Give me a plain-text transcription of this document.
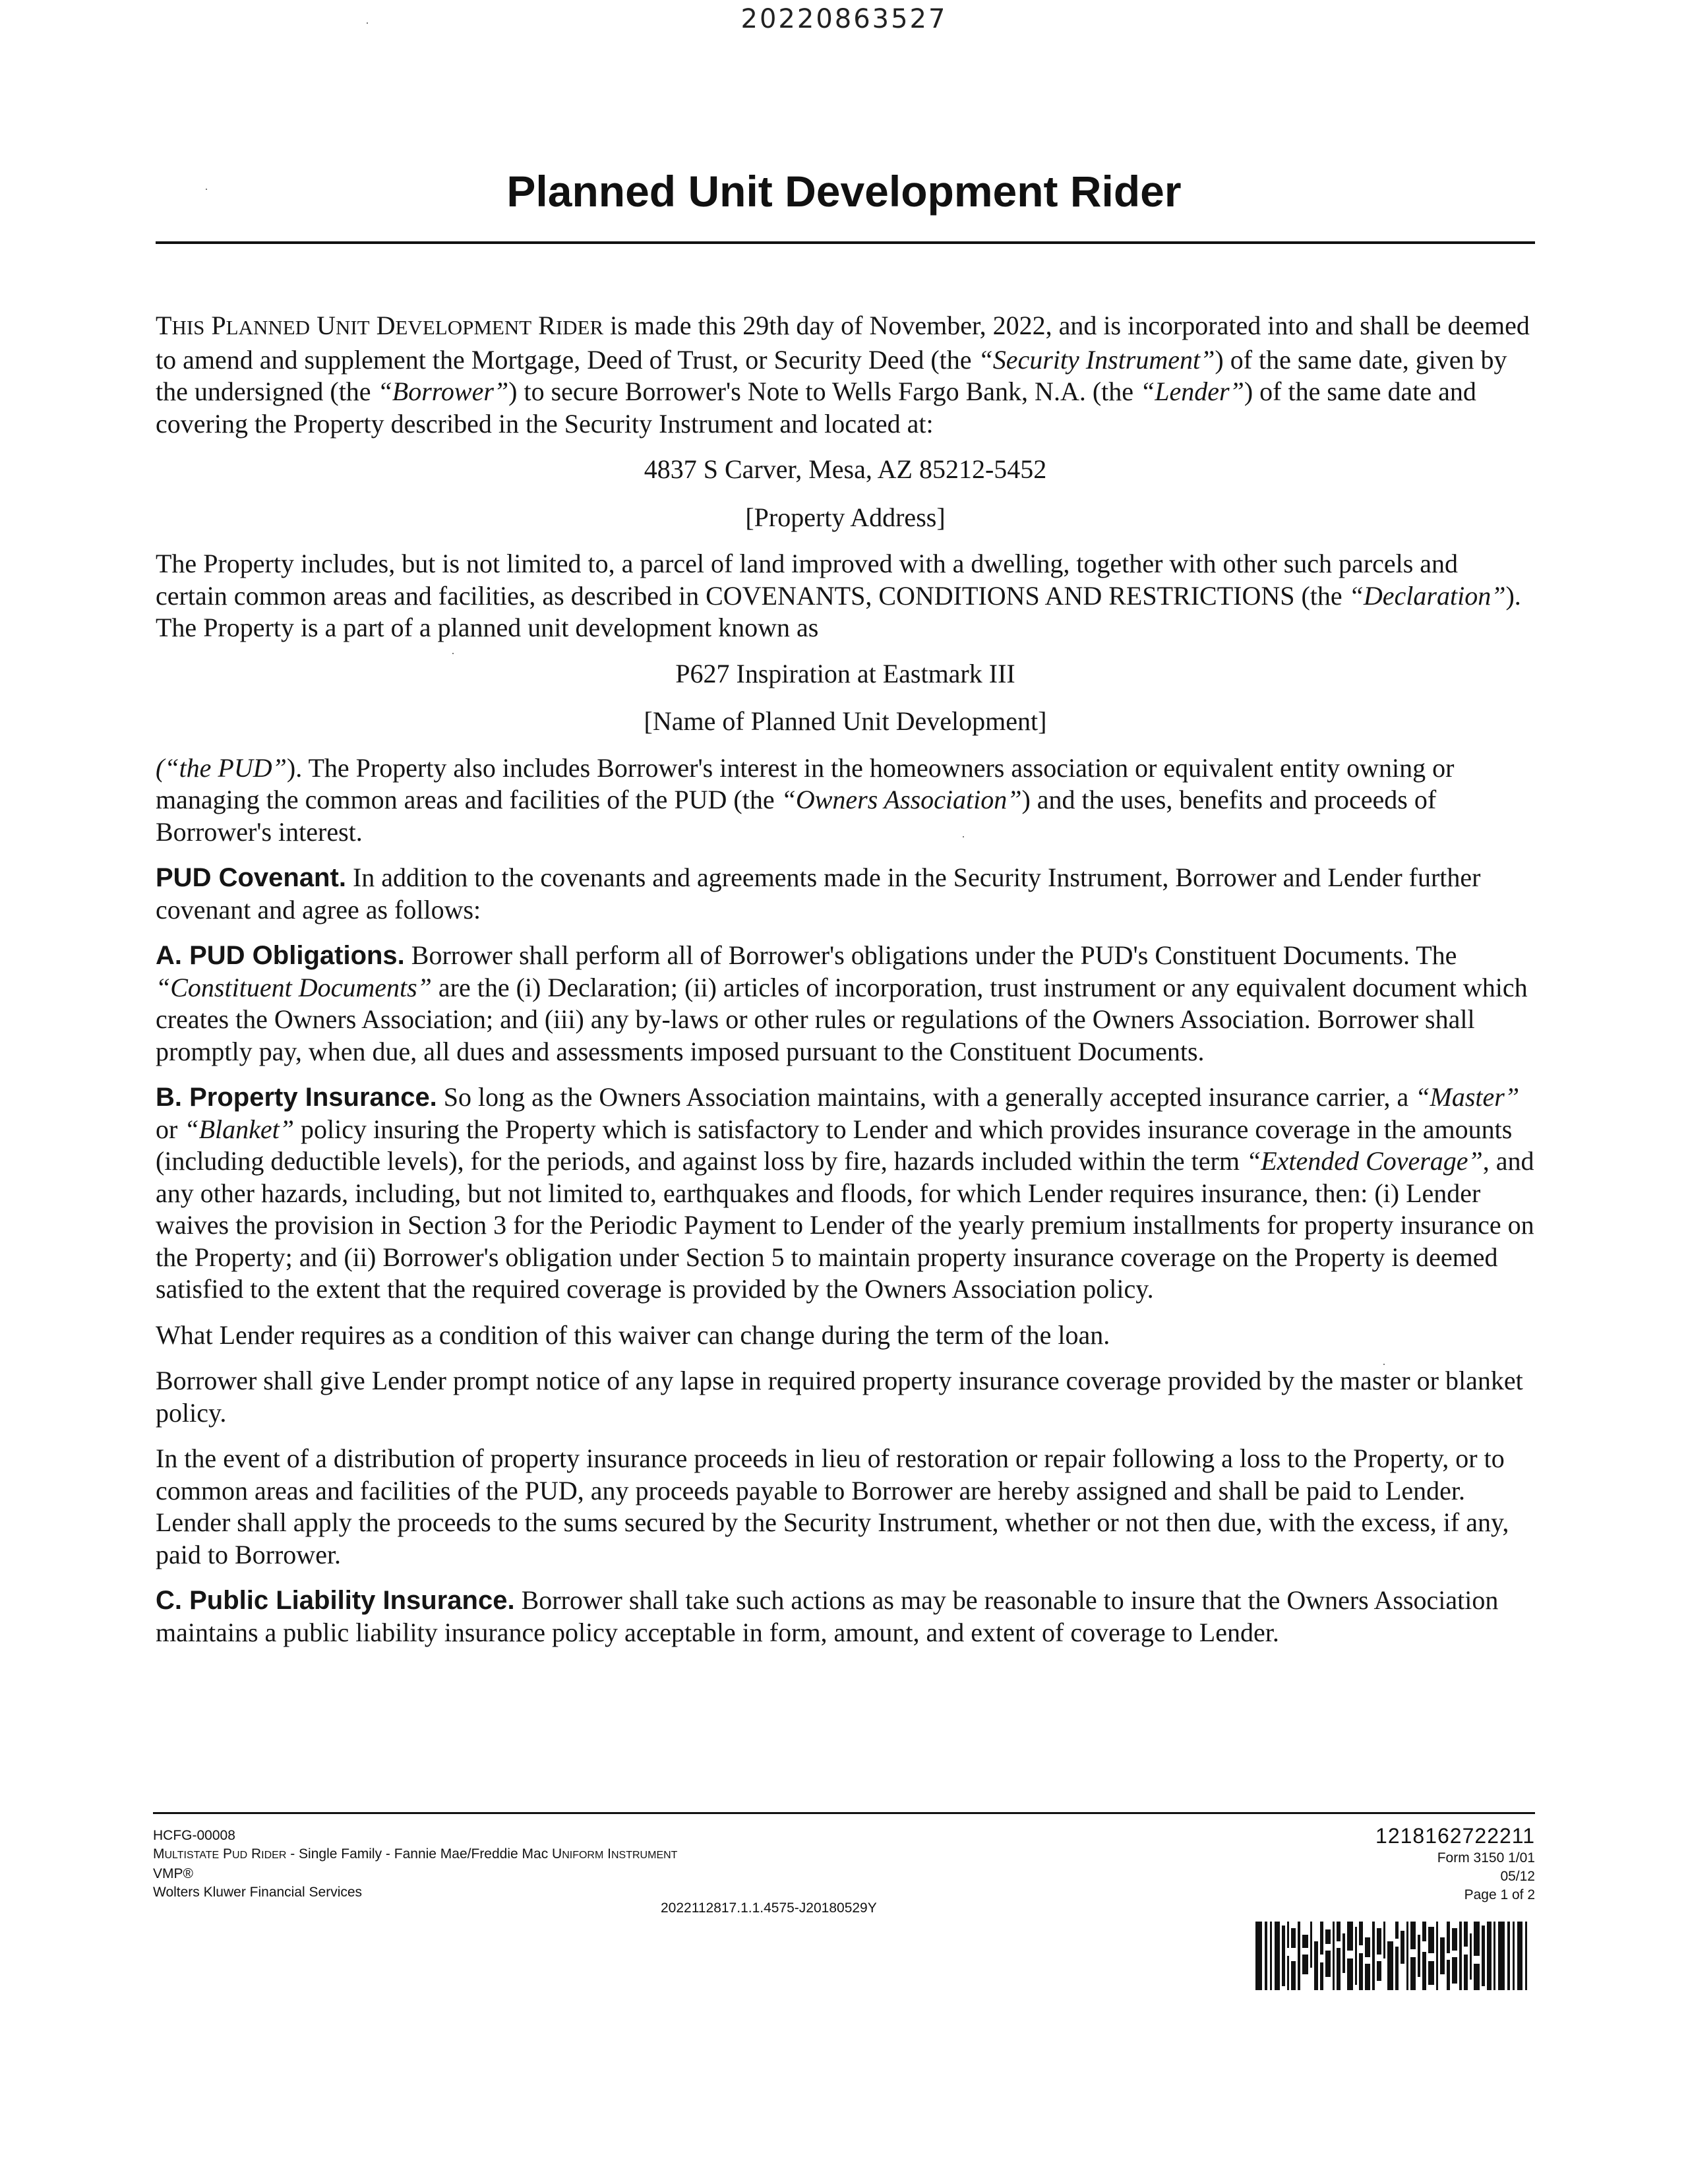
20220863527
Planned Unit Development Rider

THIS PLANNED UNIT DEVELOPMENT RIDER is made this 29th day of November, 2022, and is incorporated into and shall be deemed to amend and supplement the Mortgage, Deed of Trust, or Security Deed (the “Security Instrument”) of the same date, given by the undersigned (the “Borrower”) to secure Borrower's Note to Wells Fargo Bank, N.A. (the “Lender”) of the same date and covering the Property described in the Security Instrument and located at:

4837 S Carver, Mesa, AZ 85212-5452

[Property Address]

The Property includes, but is not limited to, a parcel of land improved with a dwelling, together with other such parcels and certain common areas and facilities, as described in COVENANTS, CONDITIONS AND RESTRICTIONS (the “Declaration”). The Property is a part of a planned unit development known as

P627 Inspiration at Eastmark III

[Name of Planned Unit Development]

(“the PUD”). The Property also includes Borrower's interest in the homeowners association or equivalent entity owning or managing the common areas and facilities of the PUD (the “Owners Association”) and the uses, benefits and proceeds of Borrower's interest.

PUD Covenant. In addition to the covenants and agreements made in the Security Instrument, Borrower and Lender further covenant and agree as follows:

A. PUD Obligations. Borrower shall perform all of Borrower's obligations under the PUD's Constituent Documents. The “Constituent Documents” are the (i) Declaration; (ii) articles of incorporation, trust instrument or any equivalent document which creates the Owners Association; and (iii) any by-laws or other rules or regulations of the Owners Association. Borrower shall promptly pay, when due, all dues and assessments imposed pursuant to the Constituent Documents.

B. Property Insurance. So long as the Owners Association maintains, with a generally accepted insurance carrier, a “Master” or “Blanket” policy insuring the Property which is satisfactory to Lender and which provides insurance coverage in the amounts (including deductible levels), for the periods, and against loss by fire, hazards included within the term “Extended Coverage”, and any other hazards, including, but not limited to, earthquakes and floods, for which Lender requires insurance, then: (i) Lender waives the provision in Section 3 for the Periodic Payment to Lender of the yearly premium installments for property insurance on the Property; and (ii) Borrower's obligation under Section 5 to maintain property insurance coverage on the Property is deemed satisfied to the extent that the required coverage is provided by the Owners Association policy.

What Lender requires as a condition of this waiver can change during the term of the loan.

Borrower shall give Lender prompt notice of any lapse in required property insurance coverage provided by the master or blanket policy.

In the event of a distribution of property insurance proceeds in lieu of restoration or repair following a loss to the Property, or to common areas and facilities of the PUD, any proceeds payable to Borrower are hereby assigned and shall be paid to Lender. Lender shall apply the proceeds to the sums secured by the Security Instrument, whether or not then due, with the excess, if any, paid to Borrower.

C. Public Liability Insurance. Borrower shall take such actions as may be reasonable to insure that the Owners Association maintains a public liability insurance policy acceptable in form, amount, and extent of coverage to Lender.

HCFG-00008
MULTISTATE PUD RIDER - Single Family - Fannie Mae/Freddie Mac UNIFORM INSTRUMENT
VMP®
Wolters Kluwer Financial Services
2022112817.1.1.4575-J20180529Y
1218162722211
Form 3150 1/01
05/12
Page 1 of 2
